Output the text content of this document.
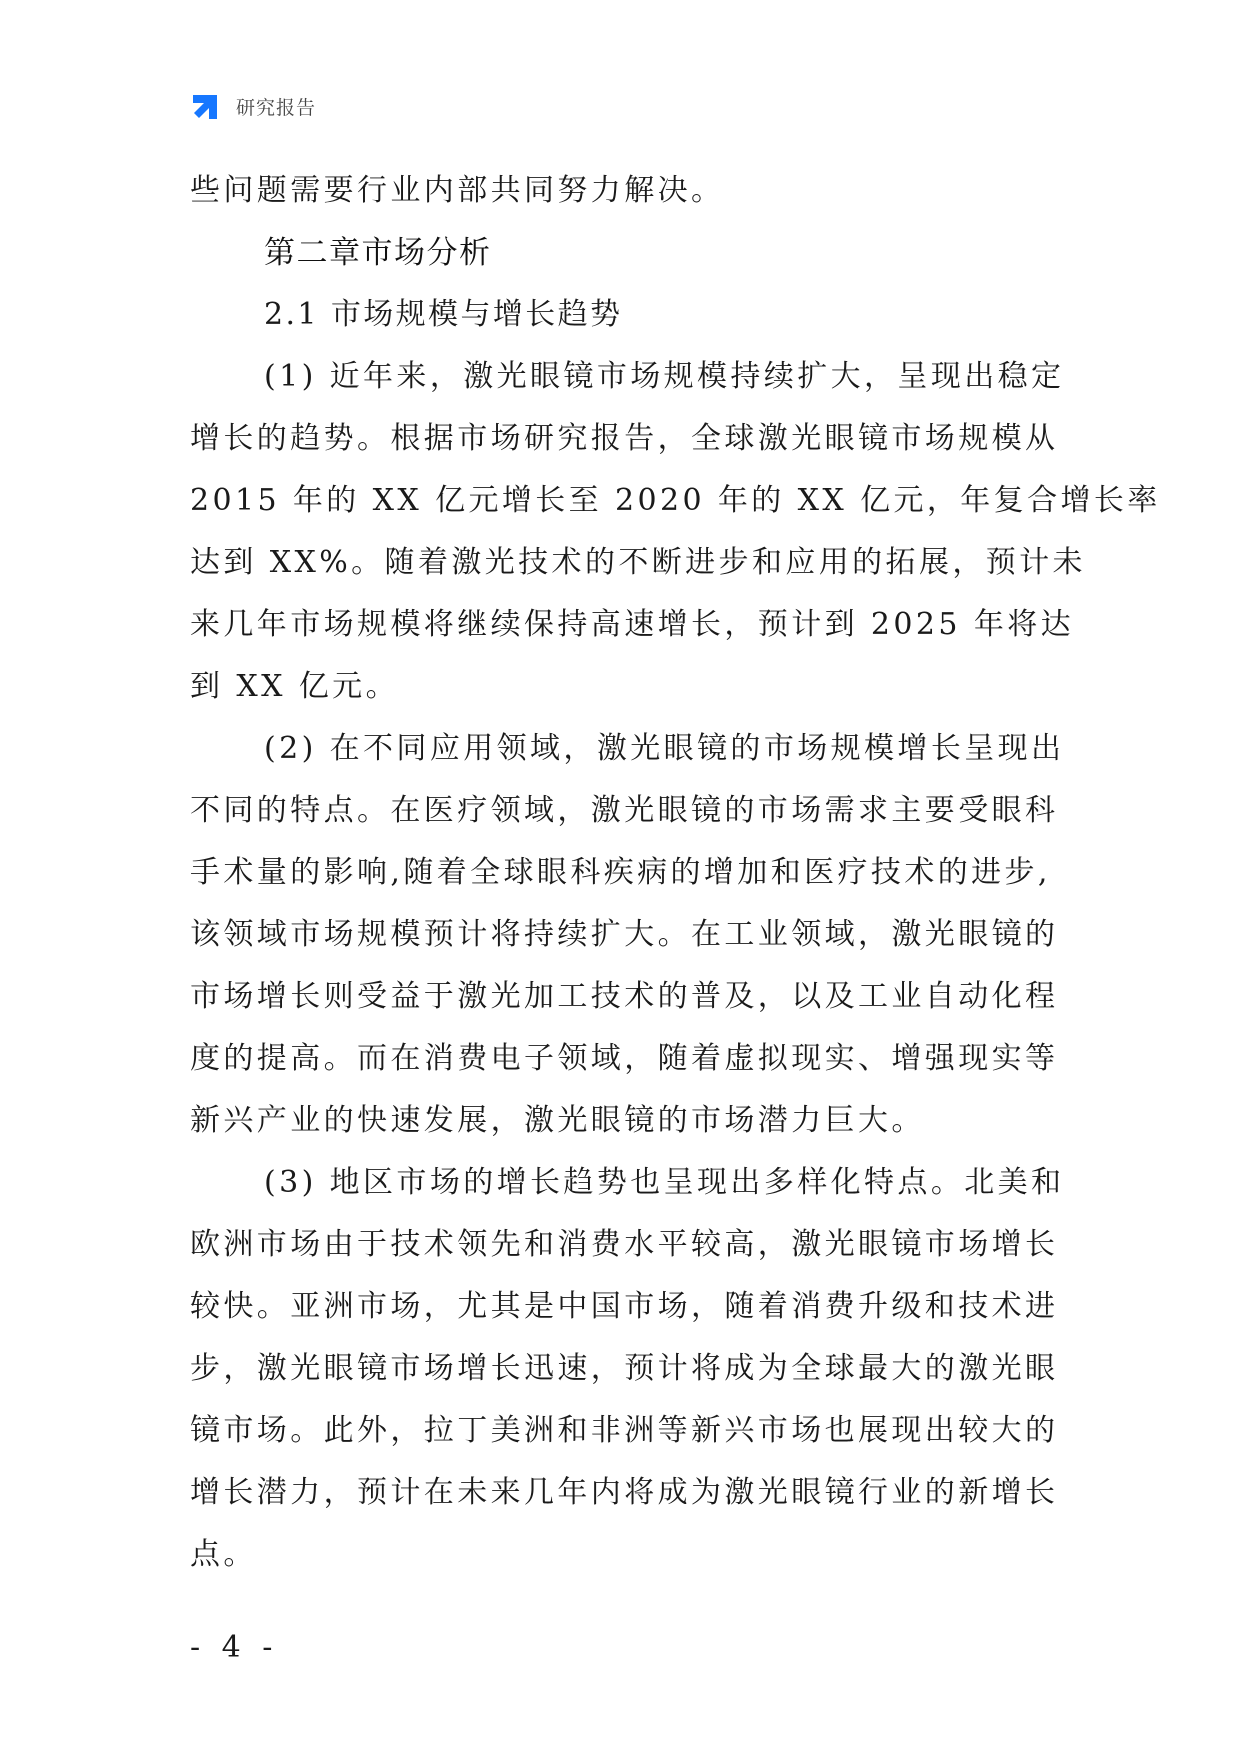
研究报告
些问题需要行业内部共同努力解决。
第二章市场分析
2.1 市场规模与增长趋势
(1) 近年来，激光眼镜市场规模持续扩大，呈现出稳定
增长的趋势。根据市场研究报告，全球激光眼镜市场规模从
2015 年的 XX 亿元增长至 2020 年的 XX 亿元，年复合增长率
达到 XX%。随着激光技术的不断进步和应用的拓展，预计未
来几年市场规模将继续保持高速增长，预计到 2025 年将达
到 XX 亿元。
(2) 在不同应用领域，激光眼镜的市场规模增长呈现出
不同的特点。在医疗领域，激光眼镜的市场需求主要受眼科
手术量的影响,随着全球眼科疾病的增加和医疗技术的进步,
该领域市场规模预计将持续扩大。在工业领域，激光眼镜的
市场增长则受益于激光加工技术的普及，以及工业自动化程
度的提高。而在消费电子领域，随着虚拟现实、增强现实等
新兴产业的快速发展，激光眼镜的市场潜力巨大。
(3) 地区市场的增长趋势也呈现出多样化特点。北美和
欧洲市场由于技术领先和消费水平较高，激光眼镜市场增长
较快。亚洲市场，尤其是中国市场，随着消费升级和技术进
步，激光眼镜市场增长迅速，预计将成为全球最大的激光眼
镜市场。此外，拉丁美洲和非洲等新兴市场也展现出较大的
增长潜力，预计在未来几年内将成为激光眼镜行业的新增长
点。
- 4 -
